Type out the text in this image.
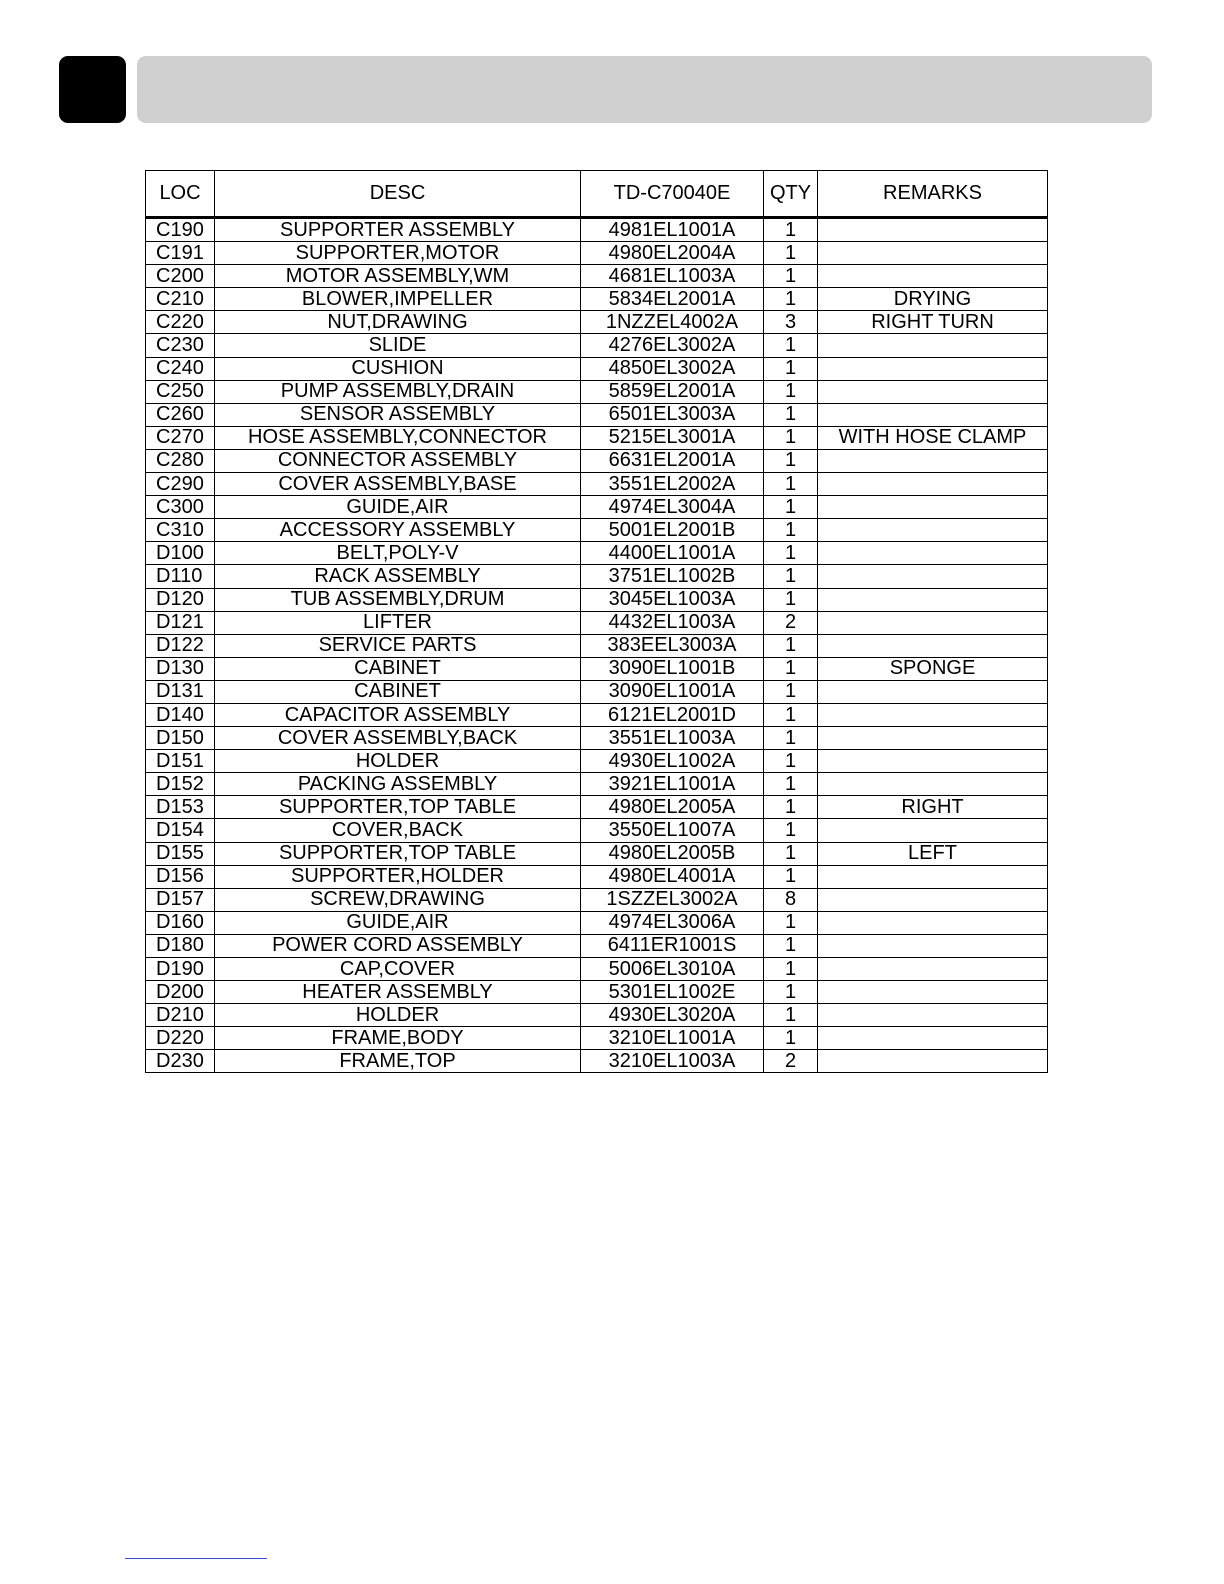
LOC	DESC	TD-C70040E	QTY	REMARKS
C190	SUPPORTER ASSEMBLY	4981EL1001A	1	
C191	SUPPORTER,MOTOR	4980EL2004A	1	
C200	MOTOR ASSEMBLY,WM	4681EL1003A	1	
C210	BLOWER,IMPELLER	5834EL2001A	1	DRYING
C220	NUT,DRAWING	1NZZEL4002A	3	RIGHT TURN
C230	SLIDE	4276EL3002A	1	
C240	CUSHION	4850EL3002A	1	
C250	PUMP ASSEMBLY,DRAIN	5859EL2001A	1	
C260	SENSOR ASSEMBLY	6501EL3003A	1	
C270	HOSE ASSEMBLY,CONNECTOR	5215EL3001A	1	WITH HOSE CLAMP
C280	CONNECTOR ASSEMBLY	6631EL2001A	1	
C290	COVER ASSEMBLY,BASE	3551EL2002A	1	
C300	GUIDE,AIR	4974EL3004A	1	
C310	ACCESSORY ASSEMBLY	5001EL2001B	1	
D100	BELT,POLY-V	4400EL1001A	1	
D110	RACK ASSEMBLY	3751EL1002B	1	
D120	TUB ASSEMBLY,DRUM	3045EL1003A	1	
D121	LIFTER	4432EL1003A	2	
D122	SERVICE PARTS	383EEL3003A	1	
D130	CABINET	3090EL1001B	1	SPONGE
D131	CABINET	3090EL1001A	1	
D140	CAPACITOR ASSEMBLY	6121EL2001D	1	
D150	COVER ASSEMBLY,BACK	3551EL1003A	1	
D151	HOLDER	4930EL1002A	1	
D152	PACKING ASSEMBLY	3921EL1001A	1	
D153	SUPPORTER,TOP TABLE	4980EL2005A	1	RIGHT
D154	COVER,BACK	3550EL1007A	1	
D155	SUPPORTER,TOP TABLE	4980EL2005B	1	LEFT
D156	SUPPORTER,HOLDER	4980EL4001A	1	
D157	SCREW,DRAWING	1SZZEL3002A	8	
D160	GUIDE,AIR	4974EL3006A	1	
D180	POWER CORD ASSEMBLY	6411ER1001S	1	
D190	CAP,COVER	5006EL3010A	1	
D200	HEATER ASSEMBLY	5301EL1002E	1	
D210	HOLDER	4930EL3020A	1	
D220	FRAME,BODY	3210EL1001A	1	
D230	FRAME,TOP	3210EL1003A	2	
